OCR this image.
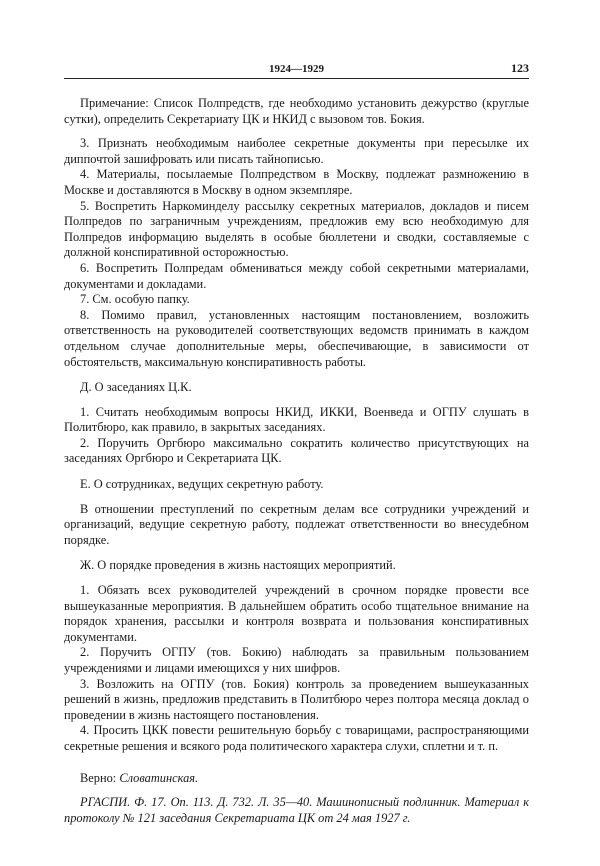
1924—1929	123

Примечание: Список Полпредств, где необходимо установить дежурство (круглые сутки), определить Секретариату ЦК и НКИД с вызовом тов. Бокия.

3. Признать необходимым наиболее секретные документы при пересылке их диппочтой зашифровать или писать тайнописью.

4. Материалы, посылаемые Полпредством в Москву, подлежат размножению в Москве и доставляются в Москву в одном экземпляре.

5. Воспретить Наркоминделу рассылку секретных материалов, докладов и писем Полпредов по заграничным учреждениям, предложив ему всю необходимую для Полпредов информацию выделять в особые бюллетени и сводки, составляемые с должной конспиративной осторожностью.

6. Воспретить Полпредам обмениваться между собой секретными материалами, документами и докладами.

7. См. особую папку.

8. Помимо правил, установленных настоящим постановлением, возложить ответственность на руководителей соответствующих ведомств принимать в каждом отдельном случае дополнительные меры, обеспечивающие, в зависимости от обстоятельств, максимальную конспиративность работы.

Д. О заседаниях Ц.К.

1. Считать необходимым вопросы НКИД, ИККИ, Военведа и ОГПУ слушать в Политбюро, как правило, в закрытых заседаниях.

2. Поручить Оргбюро максимально сократить количество присутствующих на заседаниях Оргбюро и Секретариата ЦК.

Е. О сотрудниках, ведущих секретную работу.

В отношении преступлений по секретным делам все сотрудники учреждений и организаций, ведущие секретную работу, подлежат ответственности во внесудебном порядке.

Ж. О порядке проведения в жизнь настоящих мероприятий.

1. Обязать всех руководителей учреждений в срочном порядке провести все вышеуказанные мероприятия. В дальнейшем обратить особо тщательное внимание на порядок хранения, рассылки и контроля возврата и пользования конспиративных документами.

2. Поручить ОГПУ (тов. Бокию) наблюдать за правильным пользованием учреждениями и лицами имеющихся у них шифров.

3. Возложить на ОГПУ (тов. Бокия) контроль за проведением вышеуказанных решений в жизнь, предложив представить в Политбюро через полтора месяца доклад о проведении в жизнь настоящего постановления.

4. Просить ЦКК повести решительную борьбу с товарищами, распространяющими секретные решения и всякого рода политического характера слухи, сплетни и т. п.

Верно: Словатинская.

РГАСПИ. Ф. 17. Оп. 113. Д. 732. Л. 35—40. Машинописный подлинник. Материал к протоколу № 121 заседания Секретариата ЦК от 24 мая 1927 г.
